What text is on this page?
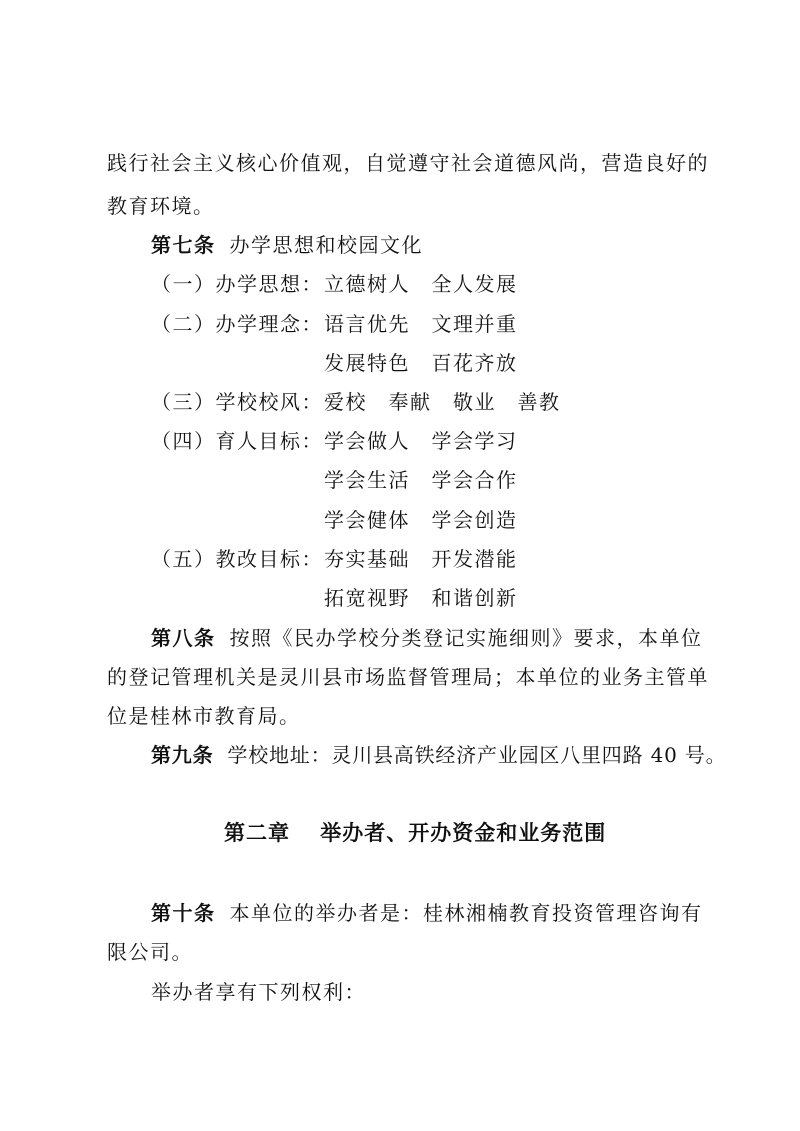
践行社会主义核心价值观，自觉遵守社会道德风尚，营造良好的
教育环境。
第七条 办学思想和校园文化
（一）办学思想： 立德树人　全人发展
（二）办学理念： 语言优先　文理并重
发展特色　百花齐放
（三）学校校风： 爱校　奉献　敬业　善教
（四）育人目标： 学会做人　学会学习
学会生活　学会合作
学会健体　学会创造
（五）教改目标： 夯实基础　开发潜能
拓宽视野　和谐创新
第八条 按照《民办学校分类登记实施细则》要求，本单位
的登记管理机关是灵川县市场监督管理局；本单位的业务主管单
位是桂林市教育局。
第九条 学校地址：灵川县高铁经济产业园区八里四路 40 号。
第二章　 举办者、开办资金和业务范围
第十条 本单位的举办者是：桂林湘楠教育投资管理咨询有
限公司。
举办者享有下列权利：
